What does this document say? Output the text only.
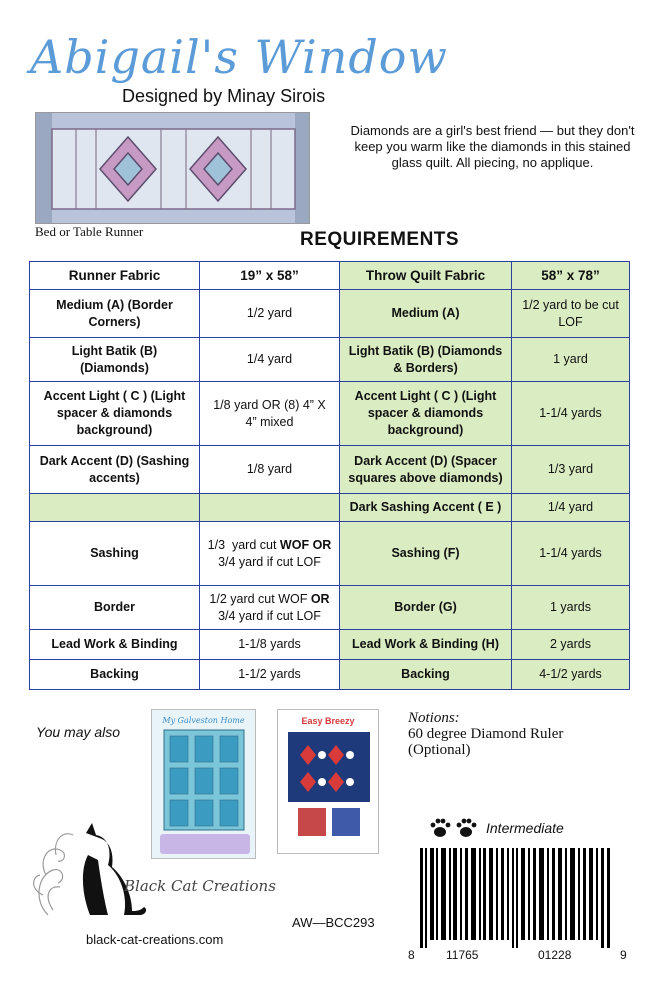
Abigail's Window
Designed by Minay Sirois
Bed or Table Runner
Diamonds are a girl's best friend — but they don't keep you warm like the diamonds in this stained glass quilt. All piecing, no applique.
REQUIREMENTS
Runner Fabric	19” x 58”	Throw Quilt Fabric	58” x 78”
Medium (A) (Border Corners)	1/2 yard	Medium (A)	1/2 yard to be cut LOF
Light Batik (B) (Diamonds)	1/4 yard	Light Batik (B) (Diamonds & Borders)	1 yard
Accent Light ( C ) (Light spacer & diamonds background)	1/8 yard OR (8) 4” X 4” mixed	Accent Light ( C ) (Light spacer & diamonds background)	1-1/4 yards
Dark Accent (D) (Sashing accents)	1/8 yard	Dark Accent (D) (Spacer squares above diamonds)	1/3 yard
		Dark Sashing Accent ( E )	1/4 yard
Sashing	1/3  yard cut WOF OR 3/4 yard if cut LOF	Sashing (F)	1-1/4 yards
Border	1/2 yard cut WOF OR 3/4 yard if cut LOF	Border (G)	1 yards
Lead Work & Binding	1-1/8 yards	Lead Work & Binding (H)	2 yards
Backing	1-1/2 yards	Backing	4-1/2 yards
You may also
My Galveston Home	Easy Breezy	Notions:
60 degree Diamond Ruler
(Optional)
Black Cat Creations
black-cat-creations.com
AW—BCC293
Intermediate
8	11765	01228	9
